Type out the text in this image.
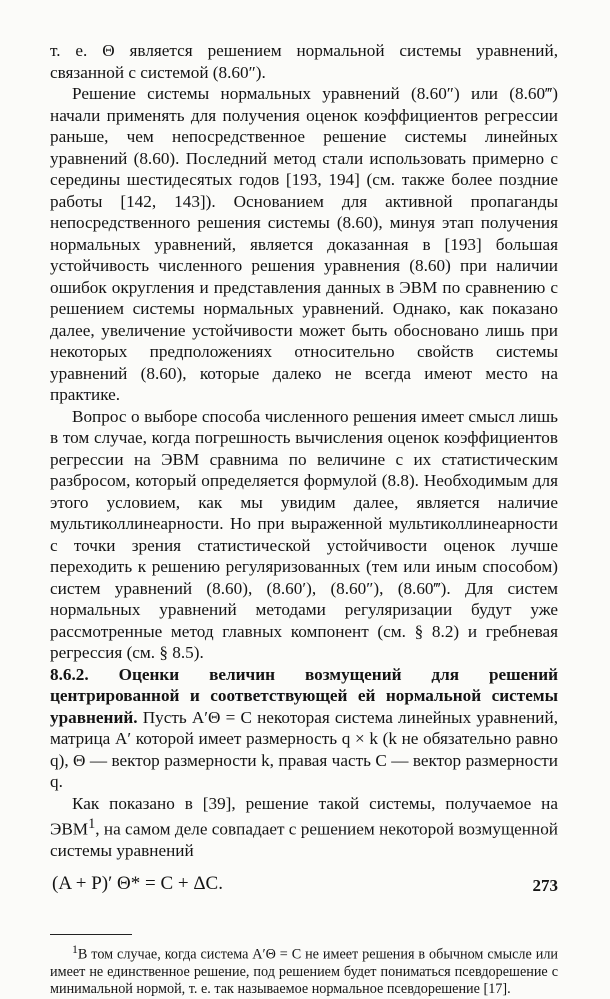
т. е. Θ является решением нормальной системы уравнений, связанной с системой (8.60″).

Решение системы нормальных уравнений (8.60″) или (8.60‴) начали применять для получения оценок коэффициентов регрессии раньше, чем непосредственное решение системы линейных уравнений (8.60). Последний метод стали использовать примерно с середины шестидесятых годов [193, 194] (см. также более поздние работы [142, 143]). Основанием для активной пропаганды непосредственного решения системы (8.60), минуя этап получения нормальных уравнений, является доказанная в [193] большая устойчивость численного решения уравнения (8.60) при наличии ошибок округления и представления данных в ЭВМ по сравнению с решением системы нормальных уравнений. Однако, как показано далее, увеличение устойчивости может быть обосновано лишь при некоторых предположениях относительно свойств системы уравнений (8.60), которые далеко не всегда имеют место на практике.

Вопрос о выборе способа численного решения имеет смысл лишь в том случае, когда погрешность вычисления оценок коэффициентов регрессии на ЭВМ сравнима по величине с их статистическим разбросом, который определяется формулой (8.8). Необходимым для этого условием, как мы увидим далее, является наличие мультиколлинеарности. Но при выраженной мультиколлинеарности с точки зрения статистической устойчивости оценок лучше переходить к решению регуляризованных (тем или иным способом) систем уравнений (8.60), (8.60′), (8.60″), (8.60‴). Для систем нормальных уравнений методами регуляризации будут уже рассмотренные метод главных компонент (см. § 8.2) и гребневая регрессия (см. § 8.5).

8.6.2. Оценки величин возмущений для решений центрированной и соответствующей ей нормальной системы уравнений. Пусть A′Θ = C некоторая система линейных уравнений, матрица A′ которой имеет размерность q × k (k не обязательно равно q), Θ — вектор размерности k, правая часть C — вектор размерности q.

Как показано в [39], решение такой системы, получаемое на ЭВМ$^1$, на самом деле совпадает с решением некоторой возмущенной системы уравнений

(A + P)′ Θ* = C + ΔC.

$^1$В том случае, когда система A′Θ = C не имеет решения в обычном смысле или имеет не единственное решение, под решением будет пониматься псевдорешение с минимальной нормой, т. е. так называемое нормальное псевдорешение [17].

273
